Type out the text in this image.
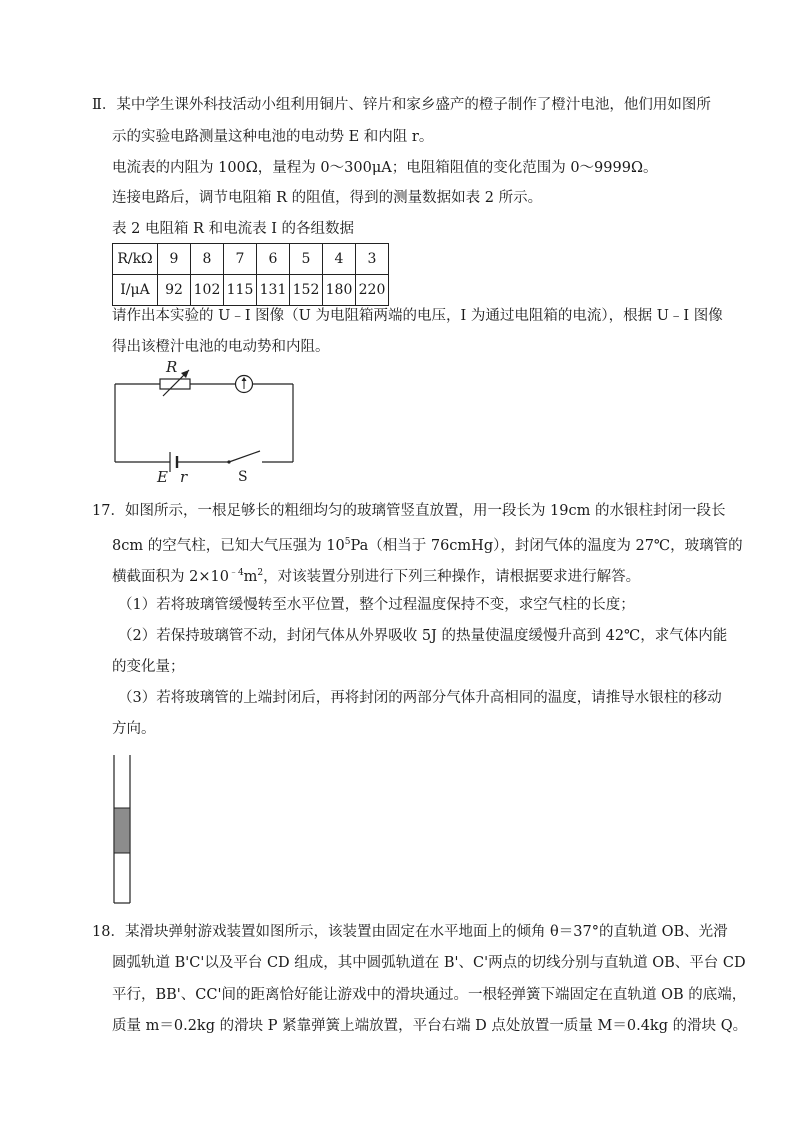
Ⅱ．某中学生课外科技活动小组利用铜片、锌片和家乡盛产的橙子制作了橙汁电池，他们用如图所
示的实验电路测量这种电池的电动势 E 和内阻 r。
电流表的内阻为 100Ω，量程为 0～300μA；电阻箱阻值的变化范围为 0～9999Ω。
连接电路后，调节电阻箱 R 的阻值，得到的测量数据如表 2 所示。
表 2 电阻箱 R 和电流表 I 的各组数据
R/kΩ	9	8	7	6	5	4	3
I/μA	92	102	115	131	152	180	220
请作出本实验的 U﹣I 图像（U 为电阻箱两端的电压，I 为通过电阻箱的电流），根据 U﹣I 图像
得出该橙汁电池的电动势和内阻。
R
E r	S
17．如图所示，一根足够长的粗细均匀的玻璃管竖直放置，用一段长为 19cm 的水银柱封闭一段长
8cm 的空气柱，已知大气压强为 $10^5Pa$（相当于 76cmHg），封闭气体的温度为 27℃，玻璃管的
横截面积为 $2\times 10^{﹣4}m^2$，对该装置分别进行下列三种操作，请根据要求进行解答。
（1）若将玻璃管缓慢转至水平位置，整个过程温度保持不变，求空气柱的长度；
（2）若保持玻璃管不动，封闭气体从外界吸收 5J 的热量使温度缓慢升高到 42℃，求气体内能
的变化量；
（3）若将玻璃管的上端封闭后，再将封闭的两部分气体升高相同的温度，请推导水银柱的移动
方向。
18．某滑块弹射游戏装置如图所示，该装置由固定在水平地面上的倾角 θ＝37°的直轨道 OB、光滑
圆弧轨道 B'C'以及平台 CD 组成，其中圆弧轨道在 B'、C'两点的切线分别与直轨道 OB、平台 CD
平行，BB'、CC'间的距离恰好能让游戏中的滑块通过。一根轻弹簧下端固定在直轨道 OB 的底端，
质量 m＝0.2kg 的滑块 P 紧靠弹簧上端放置，平台右端 D 点处放置一质量 M＝0.4kg 的滑块 Q。
